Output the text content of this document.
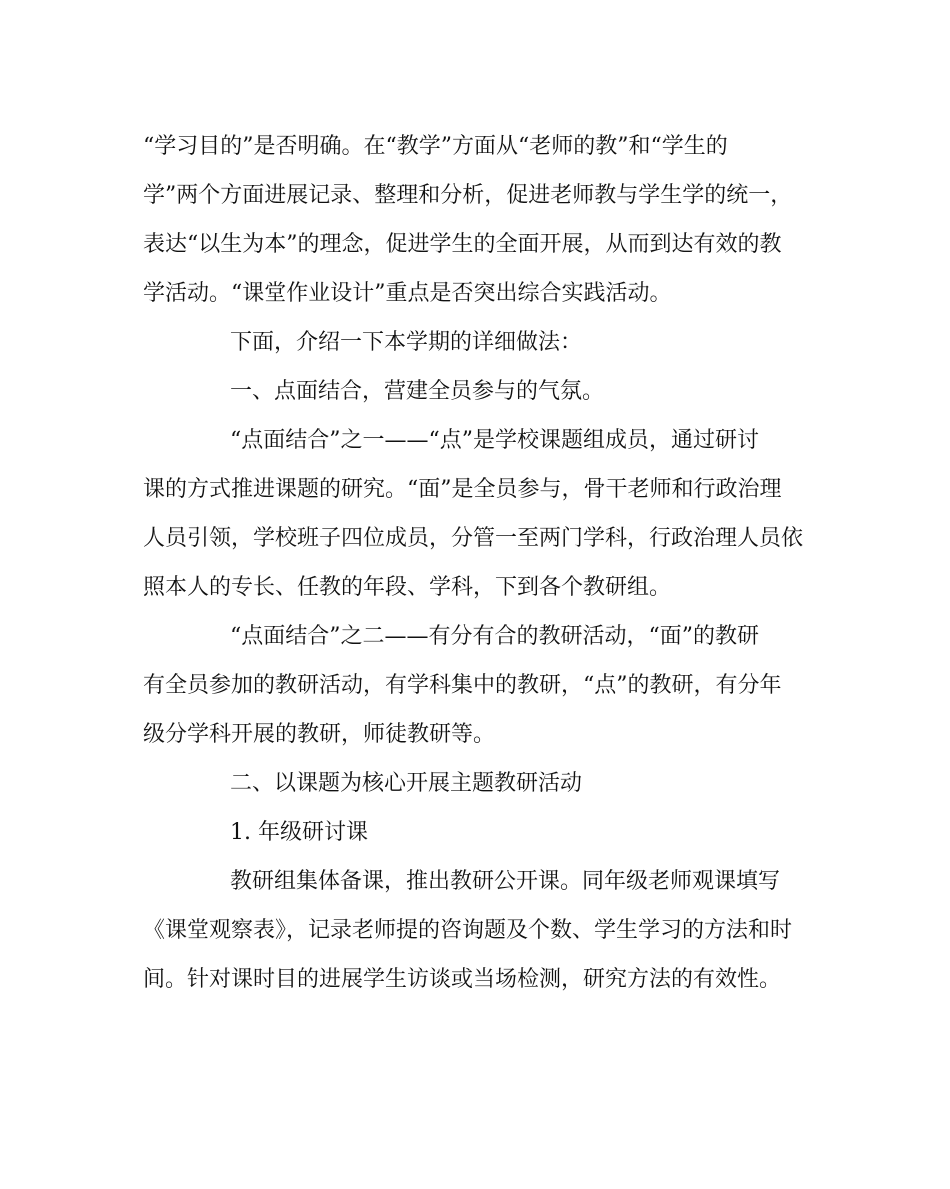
“学习目的”是否明确。在“教学”方面从“老师的教”和“学生的
学”两个方面进展记录、整理和分析，促进老师教与学生学的统一，
表达“以生为本”的理念，促进学生的全面开展，从而到达有效的教
学活动。“课堂作业设计”重点是否突出综合实践活动。
下面，介绍一下本学期的详细做法：
一、点面结合，营建全员参与的气氛。
“点面结合”之一——“点”是学校课题组成员，通过研讨
课的方式推进课题的研究。“面”是全员参与，骨干老师和行政治理
人员引领，学校班子四位成员，分管一至两门学科，行政治理人员依
照本人的专长、任教的年段、学科，下到各个教研组。
“点面结合”之二——有分有合的教研活动，“面”的教研
有全员参加的教研活动，有学科集中的教研，“点”的教研，有分年
级分学科开展的教研，师徒教研等。
二、以课题为核心开展主题教研活动
1. 年级研讨课
教研组集体备课，推出教研公开课。同年级老师观课填写
《课堂观察表》，记录老师提的咨询题及个数、学生学习的方法和时
间。针对课时目的进展学生访谈或当场检测，研究方法的有效性。
